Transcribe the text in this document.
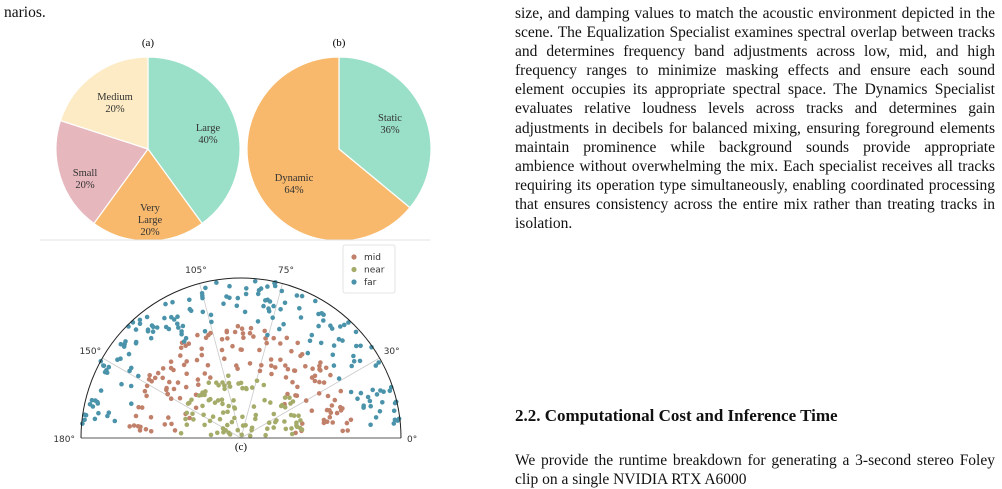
narios.
(a)
Large 40%
Very Large 20%
Small 20%
Medium 20%
(b)
Static 36%
Dynamic 64%
0°
30°
75°
105°
150°
180°
(c)
mid
near
far

size, and damping values to match the acoustic environment depicted in the scene. The Equalization Specialist examines spectral overlap between tracks and determines frequency band adjustments across low, mid, and high frequency ranges to minimize masking effects and ensure each sound element occupies its appropriate spectral space. The Dynamics Specialist evaluates relative loudness levels across tracks and determines gain adjustments in decibels for balanced mixing, ensuring foreground elements maintain prominence while background sounds provide appropriate ambience without overwhelming the mix. Each specialist receives all tracks requiring its operation type simultaneously, enabling coordinated processing that ensures consistency across the entire mix rather than treating tracks in isolation.

2.2. Computational Cost and Inference Time

We provide the runtime breakdown for generating a 3-second stereo Foley clip on a single NVIDIA RTX A6000
